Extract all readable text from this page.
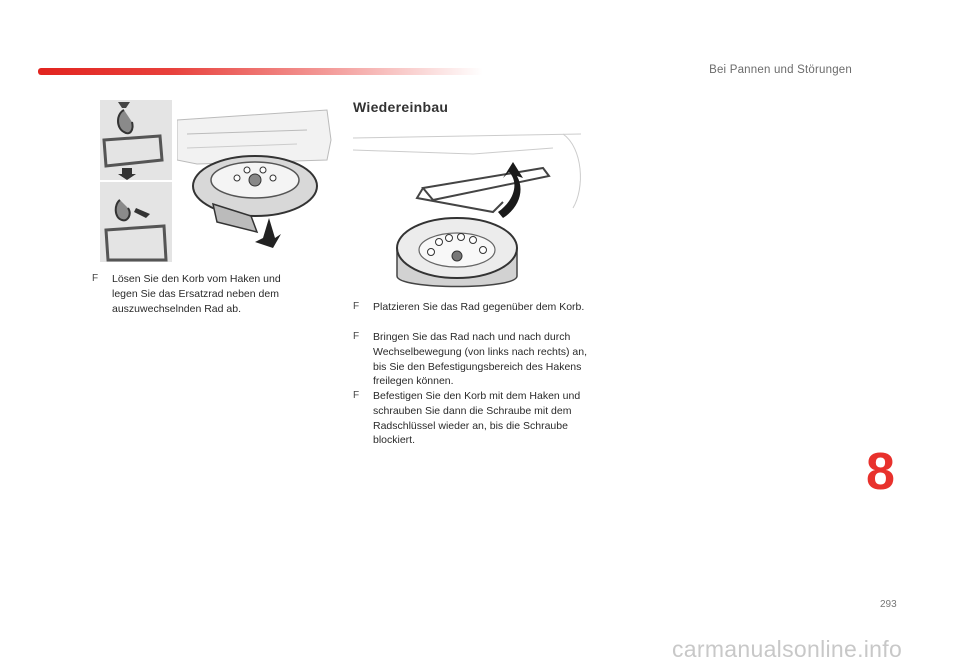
Bei Pannen und Störungen
Wiedereinbau
F	Lösen Sie den Korb vom Haken und legen Sie das Ersatzrad neben dem auszuwechselnden Rad ab.	F	Platzieren Sie das Rad gegenüber dem Korb.
F	Bringen Sie das Rad nach und nach durch Wechselbewegung (von links nach rechts) an, bis Sie den Befestigungsbereich des Hakens freilegen können.
F	Befestigen Sie den Korb mit dem Haken und schrauben Sie dann die Schraube mit dem Radschlüssel wieder an, bis die Schraube blockiert.
8
293
carmanualsonline.info
